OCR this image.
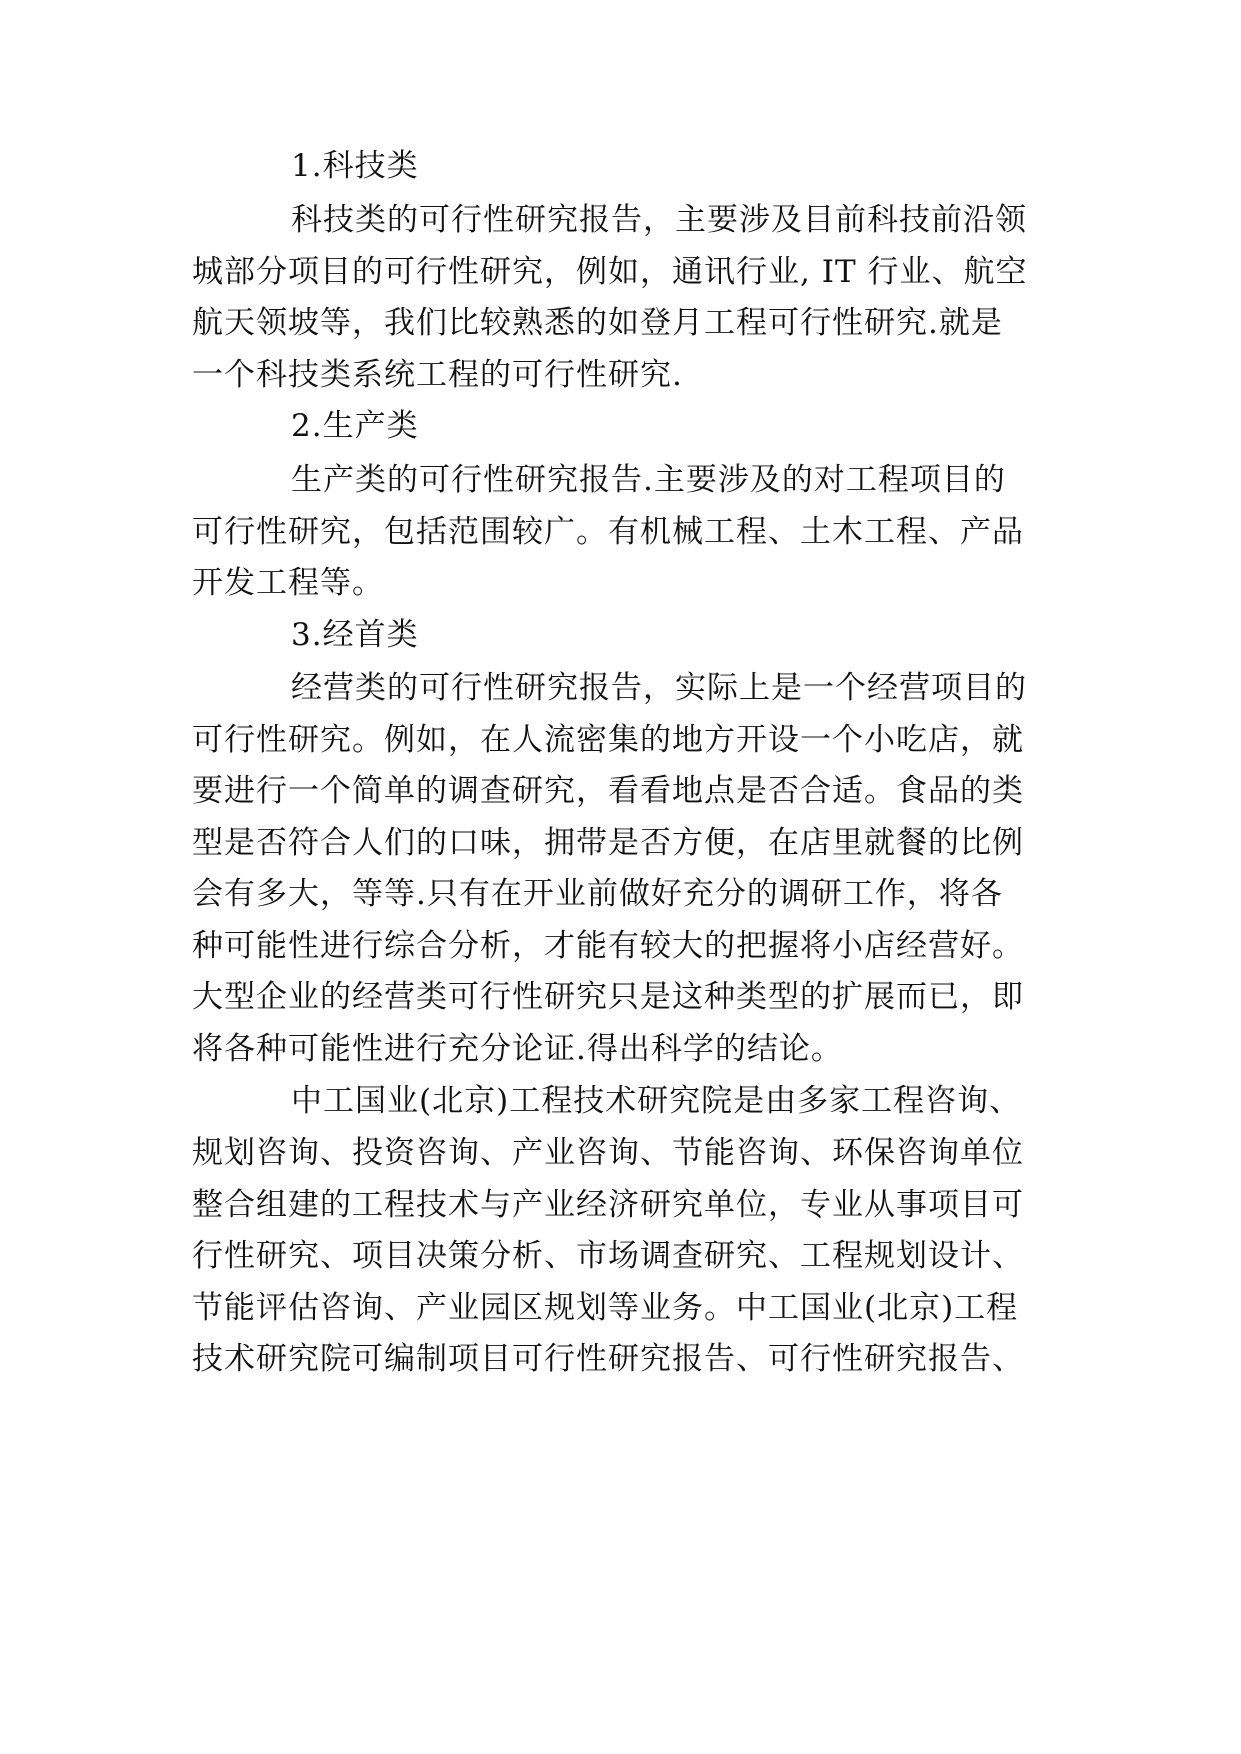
1.科技类
科技类的可行性研究报告，主要涉及目前科技前沿领
城部分项目的可行性研究，例如，通讯行业, IT 行业、航空
航天领坡等，我们比较熟悉的如登月工程可行性研究.就是
一个科技类系统工程的可行性研究.
2.生产类
生产类的可行性研究报告.主要涉及的对工程项目的
可行性研究，包括范围较广。有机械工程、土木工程、产品
开发工程等。
3.经首类
经营类的可行性研究报告，实际上是一个经营项目的
可行性研究。例如，在人流密集的地方开设一个小吃店，就
要进行一个简单的调查研究，看看地点是否合适。食品的类
型是否符合人们的口味，拥带是否方便，在店里就餐的比例
会有多大，等等.只有在开业前做好充分的调研工作，将各
种可能性进行综合分析，才能有较大的把握将小店经营好。
大型企业的经营类可行性研究只是这种类型的扩展而已，即
将各种可能性进行充分论证.得出科学的结论。
中工国业(北京)工程技术研究院是由多家工程咨询、
规划咨询、投资咨询、产业咨询、节能咨询、环保咨询单位
整合组建的工程技术与产业经济研究单位，专业从事项目可
行性研究、项目决策分析、市场调查研究、工程规划设计、
节能评估咨询、产业园区规划等业务。中工国业(北京)工程
技术研究院可编制项目可行性研究报告、可行性研究报告、
